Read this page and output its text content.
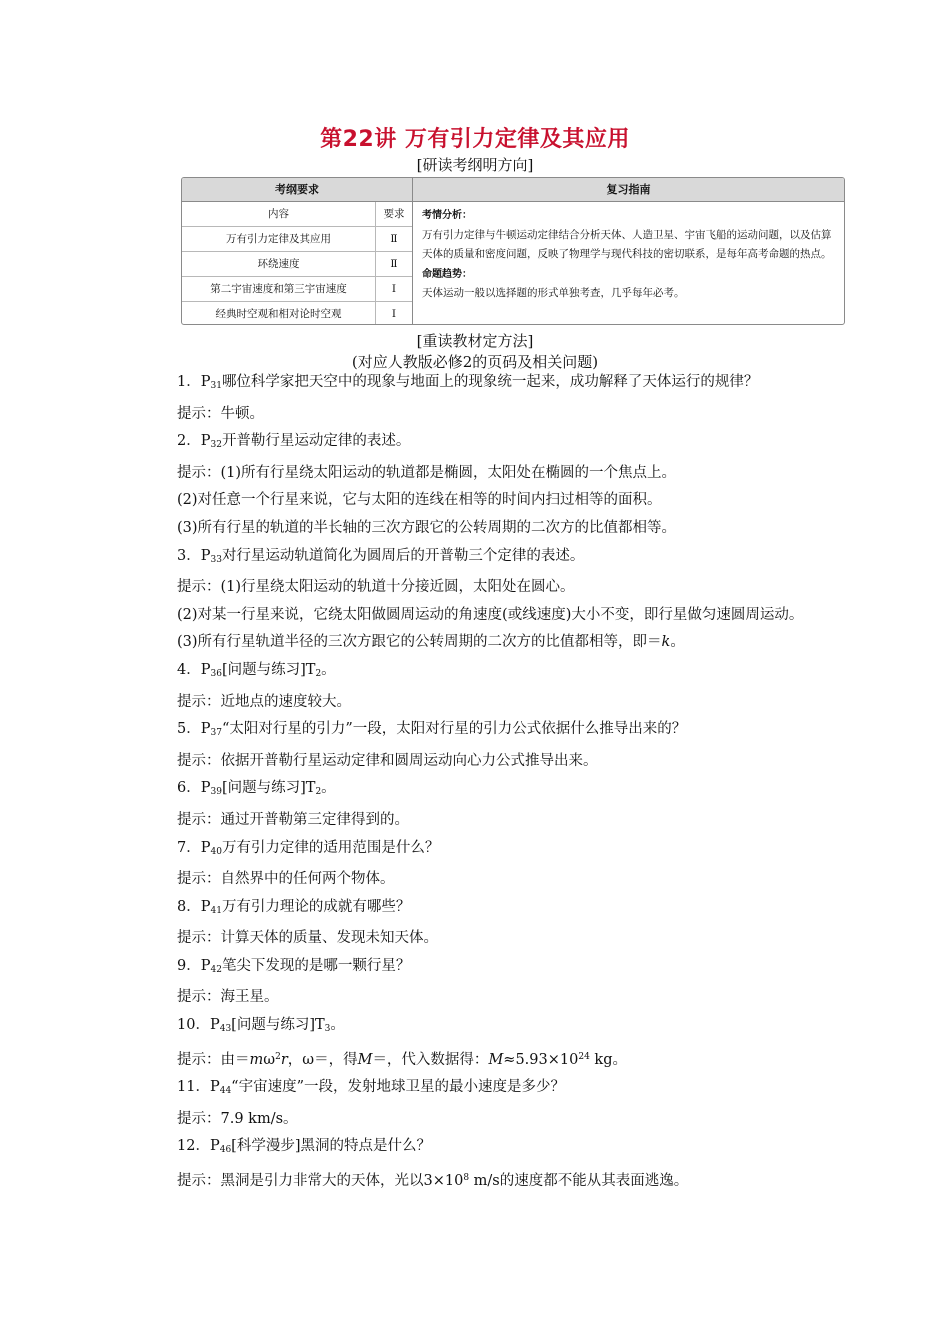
第22讲 万有引力定律及其应用
[研读考纲明方向]
考纲要求
内容	要求
万有引力定律及其应用	Ⅱ
环绕速度	Ⅱ
第二宇宙速度和第三宇宙速度	Ⅰ
经典时空观和相对论时空观	Ⅰ
复习指南
考情分析：
万有引力定律与牛顿运动定律结合分析天体、人造卫星、宇宙飞船的运动问题，以及估算天体的质量和密度问题，反映了物理学与现代科技的密切联系，是每年高考命题的热点。
命题趋势：
天体运动一般以选择题的形式单独考查，几乎每年必考。
[重读教材定方法]
(对应人教版必修2的页码及相关问题)

1．$P_{31}$哪位科学家把天空中的现象与地面上的现象统一起来，成功解释了天体运行的规律？

提示：牛顿。

2．$P_{32}$开普勒行星运动定律的表述。

提示：(1)所有行星绕太阳运动的轨道都是椭圆，太阳处在椭圆的一个焦点上。

(2)对任意一个行星来说，它与太阳的连线在相等的时间内扫过相等的面积。

(3)所有行星的轨道的半长轴的三次方跟它的公转周期的二次方的比值都相等。

3．$P_{33}$对行星运动轨道简化为圆周后的开普勒三个定律的表述。

提示：(1)行星绕太阳运动的轨道十分接近圆，太阳处在圆心。

(2)对某一行星来说，它绕太阳做圆周运动的角速度(或线速度)大小不变，即行星做匀速圆周运动。

(3)所有行星轨道半径的三次方跟它的公转周期的二次方的比值都相等，即＝k。

4．$P_{36}$[问题与练习]$T_2$。

提示：近地点的速度较大。

5．$P_{37}“$太阳对行星的引力”一段，太阳对行星的引力公式依据什么推导出来的？

提示：依据开普勒行星运动定律和圆周运动向心力公式推导出来。

6．$P_{39}$[问题与练习]$T_2$。

提示：通过开普勒第三定律得到的。

7．$P_{40}$万有引力定律的适用范围是什么？

提示：自然界中的任何两个物体。

8．$P_{41}$万有引力理论的成就有哪些？

提示：计算天体的质量、发现未知天体。

9．$P_{42}$笔尖下发现的是哪一颗行星？

提示：海王星。

10．$P_{43}$[问题与练习]$T_3$。

提示：由$=m\omega^2r$，ω＝，得M＝，代入数据得：$M\approx 5.93\times 10^{24}$ kg。

11．$P_{44}“$宇宙速度”一段，发射地球卫星的最小速度是多少？

提示：7.9 km/s。

12．$P_{46}$[科学漫步]黑洞的特点是什么？

提示：黑洞是引力非常大的天体，光以$3\times 10^8$ m/s的速度都不能从其表面逃逸。
